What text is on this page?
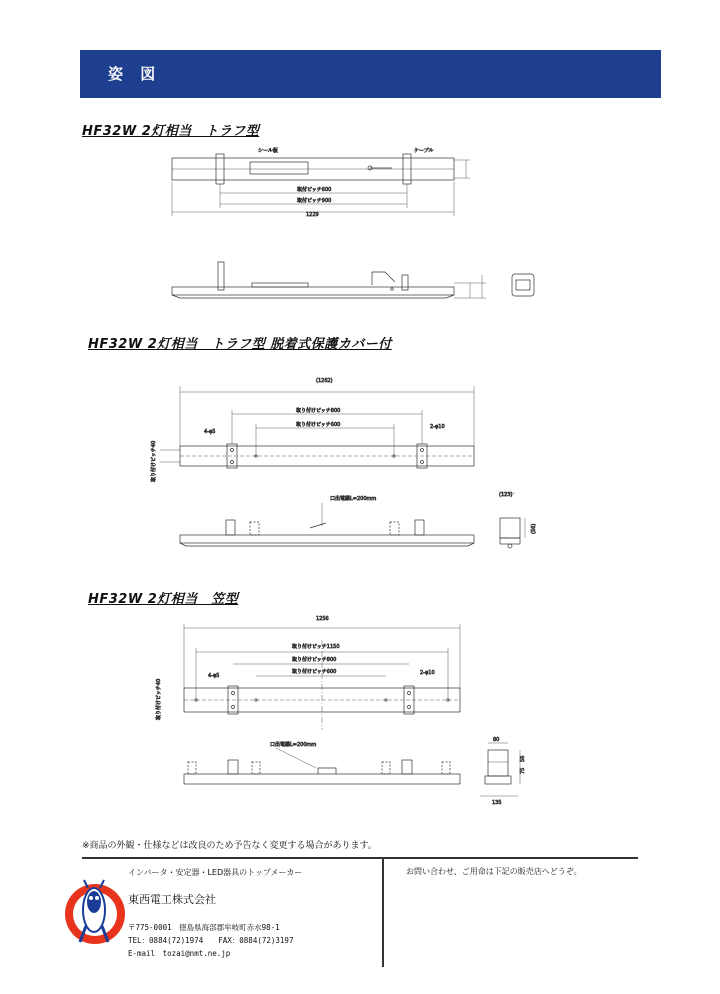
姿 図
HF32W 2灯相当　トラフ型
HF32W 2灯相当　トラフ型 脱着式保護カバー付
HF32W 2灯相当　笠型
シール板	ケーブル
取付ピッチ600
取付ピッチ900
1229
(1262)
取り付けピッチ800
取り付けピッチ600
4-φ5
2-φ10
取り付けピッチ40
口出電線L=200mm
(123)
(56)
1256
取り付けピッチ1150
取り付けピッチ800
取り付けピッチ600
4-φ5	2-φ10
取り付けピッチ40
口出電線L=200mm
80
75
56
135
※商品の外観・仕様などは改良のため予告なく変更する場合があります。
インバータ・安定器・LED器具のトップメーカー
東西電工株式会社
〒775-0001　徳島県海部郡牟岐町赤水98-1
TEL：0884(72)1974　　FAX：0884(72)3197
E-mail　tozai@nmt.ne.jp
お問い合わせ、ご用命は下記の販売店へどうぞ。
